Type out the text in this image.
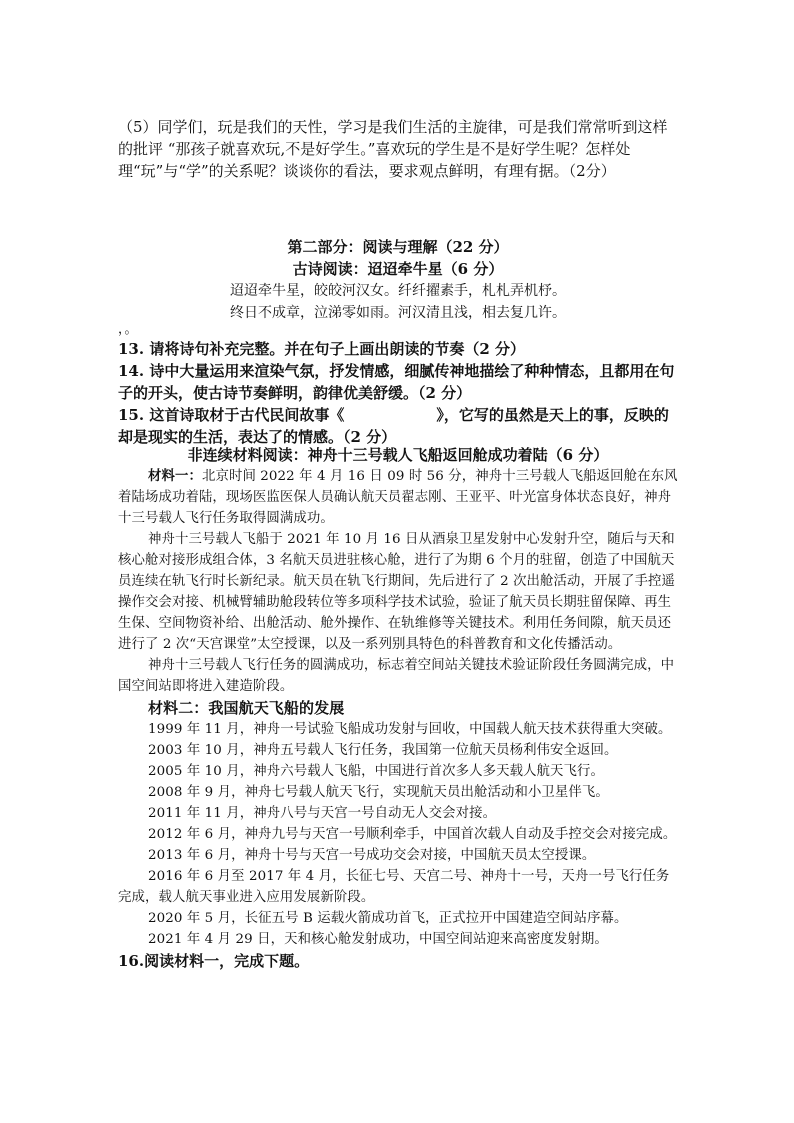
（5）同学们，玩是我们的天性，学习是我们生活的主旋律，可是我们常常听到这样的批评 “那孩子就喜欢玩,不是好学生。”喜欢玩的学生是不是好学生呢？怎样处理“玩”与“学”的关系呢？谈谈你的看法，要求观点鲜明，有理有据。（2分）

第二部分：阅读与理解（22 分）

古诗阅读：迢迢牵牛星（6 分）

迢迢牵牛星，皎皎河汉女。纤纤擢素手，札札弄机杼。

终日不成章，泣涕零如雨。河汉清且浅，相去复几许。

，。

13. 请将诗句补充完整。并在句子上画出朗读的节奏（2 分）

14. 诗中大量运用来渲染气氛，抒发情感，细腻传神地描绘了种种情态，且都用在句子的开头，使古诗节奏鲜明，韵律优美舒缓。（2 分）

15. 这首诗取材于古代民间故事《	》，它写的虽然是天上的事，反映的却是现实的生活，表达了的情感。（2 分）

非连续材料阅读：神舟十三号载人飞船返回舱成功着陆（6 分）

材料一：北京时间 2022 年 4 月 16 日 09 时 56 分，神舟十三号载人飞船返回舱在东风着陆场成功着陆，现场医监医保人员确认航天员翟志刚、王亚平、叶光富身体状态良好，神舟十三号载人飞行任务取得圆满成功。

神舟十三号载人飞船于 2021 年 10 月 16 日从酒泉卫星发射中心发射升空，随后与天和核心舱对接形成组合体，3 名航天员进驻核心舱，进行了为期 6 个月的驻留，创造了中国航天员连续在轨飞行时长新纪录。航天员在轨飞行期间，先后进行了 2 次出舱活动，开展了手控遥操作交会对接、机械臂辅助舱段转位等多项科学技术试验，验证了航天员长期驻留保障、再生生保、空间物资补给、出舱活动、舱外操作、在轨维修等关键技术。利用任务间隙，航天员还进行了 2 次“天宫课堂”太空授课，以及一系列别具特色的科普教育和文化传播活动。

神舟十三号载人飞行任务的圆满成功，标志着空间站关键技术验证阶段任务圆满完成，中国空间站即将进入建造阶段。

材料二：我国航天飞船的发展

1999 年 11 月，神舟一号试验飞船成功发射与回收，中国载人航天技术获得重大突破。

2003 年 10 月，神舟五号载人飞行任务，我国第一位航天员杨利伟安全返回。

2005 年 10 月，神舟六号载人飞船，中国进行首次多人多天载人航天飞行。

2008 年 9 月，神舟七号载人航天飞行，实现航天员出舱活动和小卫星伴飞。

2011 年 11 月，神舟八号与天宫一号自动无人交会对接。

2012 年 6 月，神舟九号与天宫一号顺利牵手，中国首次载人自动及手控交会对接完成。

2013 年 6 月，神舟十号与天宫一号成功交会对接，中国航天员太空授课。

2016 年 6 月至 2017 年 4 月，长征七号、天宫二号、神舟十一号，天舟一号飞行任务完成，载人航天事业进入应用发展新阶段。

2020 年 5 月，长征五号 B 运载火箭成功首飞，正式拉开中国建造空间站序幕。

2021 年 4 月 29 日，天和核心舱发射成功，中国空间站迎来高密度发射期。

16.阅读材料一，完成下题。
